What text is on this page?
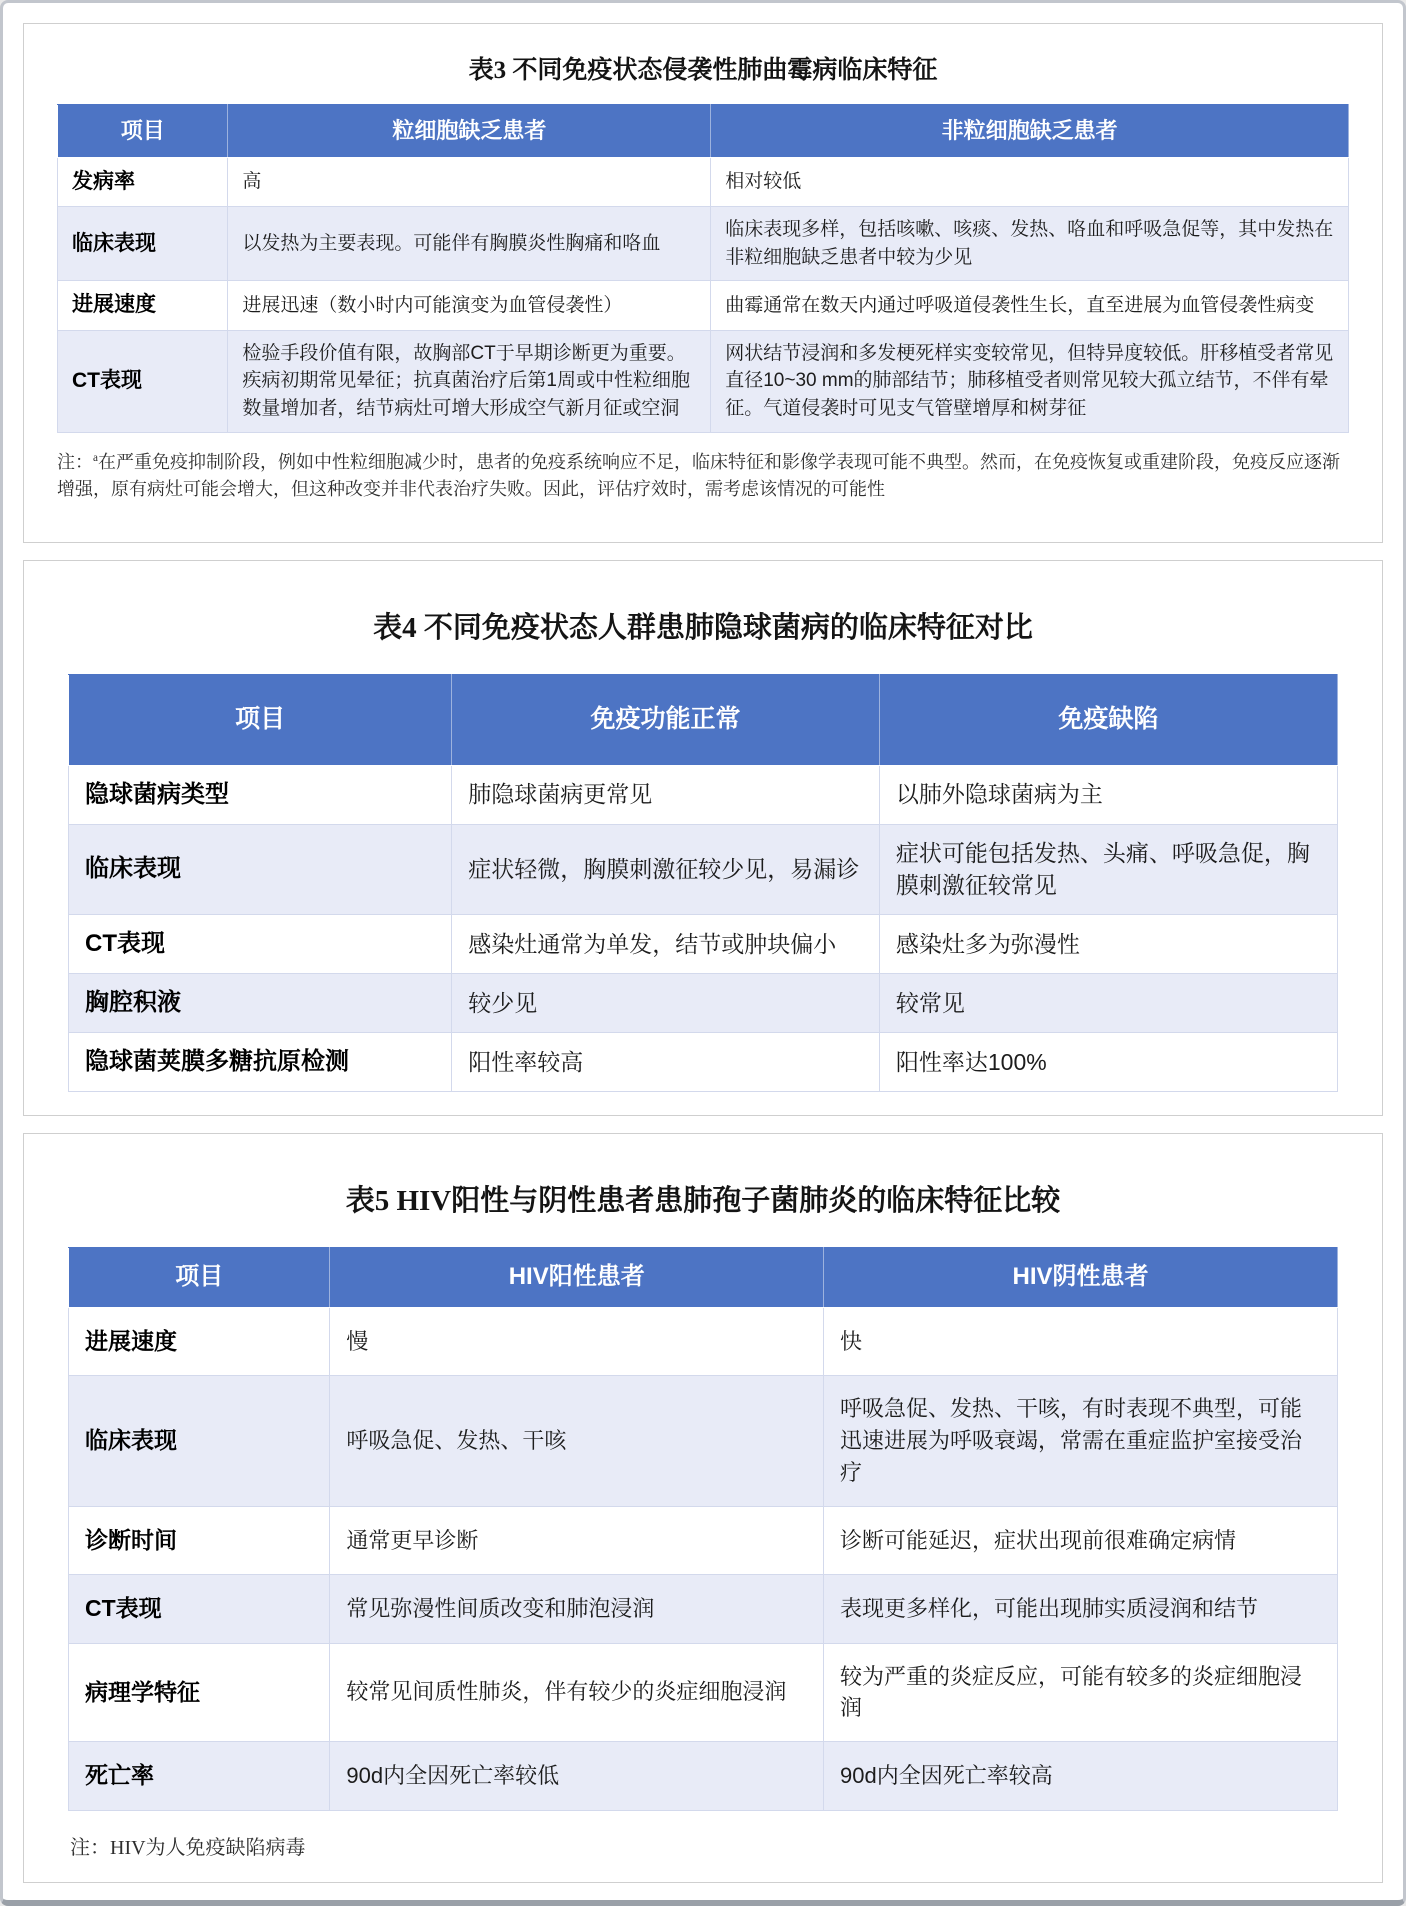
表3 不同免疫状态侵袭性肺曲霉病临床特征
项目	粒细胞缺乏患者	非粒细胞缺乏患者
发病率	高	相对较低
临床表现	以发热为主要表现。可能伴有胸膜炎性胸痛和咯血	临床表现多样，包括咳嗽、咳痰、发热、咯血和呼吸急促等，其中发热在非粒细胞缺乏患者中较为少见
进展速度	进展迅速（数小时内可能演变为血管侵袭性）	曲霉通常在数天内通过呼吸道侵袭性生长，直至进展为血管侵袭性病变
CT表现	检验手段价值有限，故胸部CT于早期诊断更为重要。疾病初期常见晕征；抗真菌治疗后第1周或中性粒细胞数量增加者，结节病灶可增大形成空气新月征或空洞	网状结节浸润和多发梗死样实变较常见，但特异度较低。肝移植受者常见直径10~30 mm的肺部结节；肺移植受者则常见较大孤立结节，不伴有晕征。气道侵袭时可见支气管壁增厚和树芽征

注：$^a$在严重免疫抑制阶段，例如中性粒细胞减少时，患者的免疫系统响应不足，临床特征和影像学表现可能不典型。然而，在免疫恢复或重建阶段，免疫反应逐渐增强，原有病灶可能会增大，但这种改变并非代表治疗失败。因此，评估疗效时，需考虑该情况的可能性

表4 不同免疫状态人群患肺隐球菌病的临床特征对比
项目	免疫功能正常	免疫缺陷
隐球菌病类型	肺隐球菌病更常见	以肺外隐球菌病为主
临床表现	症状轻微，胸膜刺激征较少见，易漏诊	症状可能包括发热、头痛、呼吸急促，胸膜刺激征较常见
CT表现	感染灶通常为单发，结节或肿块偏小	感染灶多为弥漫性
胸腔积液	较少见	较常见
隐球菌荚膜多糖抗原检测	阳性率较高	阳性率达100%
表5 HIV阳性与阴性患者患肺孢子菌肺炎的临床特征比较
项目	HIV阳性患者	HIV阴性患者
进展速度	慢	快
临床表现	呼吸急促、发热、干咳	呼吸急促、发热、干咳，有时表现不典型，可能迅速进展为呼吸衰竭，常需在重症监护室接受治疗
诊断时间	通常更早诊断	诊断可能延迟，症状出现前很难确定病情
CT表现	常见弥漫性间质改变和肺泡浸润	表现更多样化，可能出现肺实质浸润和结节
病理学特征	较常见间质性肺炎，伴有较少的炎症细胞浸润	较为严重的炎症反应，可能有较多的炎症细胞浸润
死亡率	90d内全因死亡率较低	90d内全因死亡率较高

注：HIV为人免疫缺陷病毒
